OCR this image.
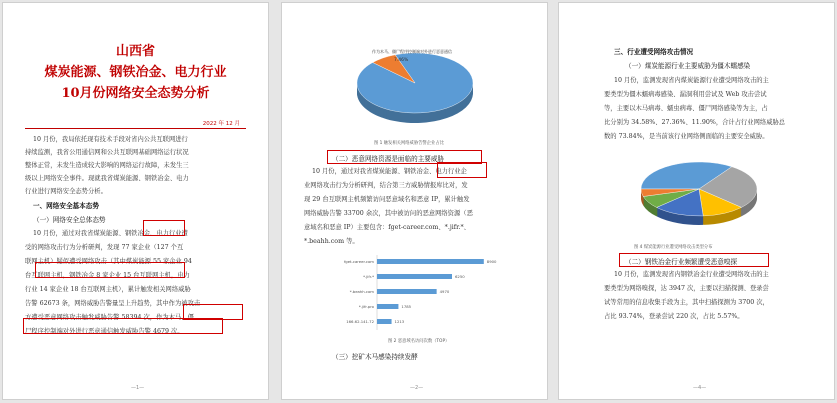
山西省
煤炭能源、钢铁冶金、电力行业
10月份网络安全态势分析
2022 年 12 月
10 月份，我局依托现有技术手段对省内公共互联网进行
持续监测，我省公用通信网和公共互联网基础网络运行状况
整体正常，未发生造成较大影响的网络运行故障，未发生三
级以上网络安全事件。现就我省煤炭能源、钢铁冶金、电力
行业进行网络安全态势分析。
一、网络安全基本态势
（一）网络安全总体态势
10 月份，通过对我省煤炭能源、钢铁冶金、电力行业遭
受的网络攻击行为分析研判，发现 77 家企业（127 个互
联网主机）疑似遭受网络攻击（其中煤炭能源 55 家企业 94
台互联网主机，钢铁冶金 8 家企业 15 台互联网主机，电力
行业 14 家企业 18 台互联网主机），累计触发相关网络威胁
告警 62673 条，网络威胁告警量呈上升趋势，其中作为被攻击
方遭受恶意网络攻击触发威胁告警 58394 次，作为木马、僵
尸程序控制端对外进行恶意通信触发威胁告警 4679 次。
—1—
作为木马、僵尸程序控制端对外进行恶意通信
7.46%
图 1 触发相关网络威胁告警企业占比
（二）恶意网络资源是面临的主要威胁
10 月份，通过对我省煤炭能源、钢铁冶金、电力行业企
业网络攻击行为分析研判，结合第三方威胁情报库比对，发
现 29 台互联网主机频繁访问恶意域名和恶意 IP，累计触发
网络威胁告警 33700 余次，其中被访问的恶意网络资源（恶
意域名和恶意 IP）主要包含：fget-career.com、*.jifr.*、
*.beahh.com 等。
fget-career.com	8900
*.jifr.*	6250
*.beahh.com	4970
*.jifr.pro	1785
166.62.141.72	1213
图 2 恶意域名访问次数（TOP）
（三）挖矿木马感染持续发酵
—2—
三、行业遭受网络攻击情况
（一）煤炭能源行业主要威胁为僵木蠕感染
10 月份，监测发现省内煤炭能源行业遭受网络攻击的主
要类型为僵木蠕病毒感染、漏洞利用尝试及 Web 攻击尝试
等，主要以木马病毒、蠕虫病毒、僵尸网络感染等为主，占
比分别为 34.58%、27.36%、11.90%，合计占行业网络威胁总
数的 73.84%，是当前该行业网络侧面临的主要安全威胁。
图 4 煤炭能源行业遭受网络攻击类型分布
（二）钢铁冶金行业频繁遭受恶意嗅探
10 月份，监测发现省内钢铁冶金行业遭受网络攻击的主
要类型为网络嗅探，达 3947 次，主要以扫描探测、登录尝
试等常用的信息收集手段为主，其中扫描探测为 3700 次，
占比 93.74%，登录尝试 220 次，占比 5.57%。
—4—
